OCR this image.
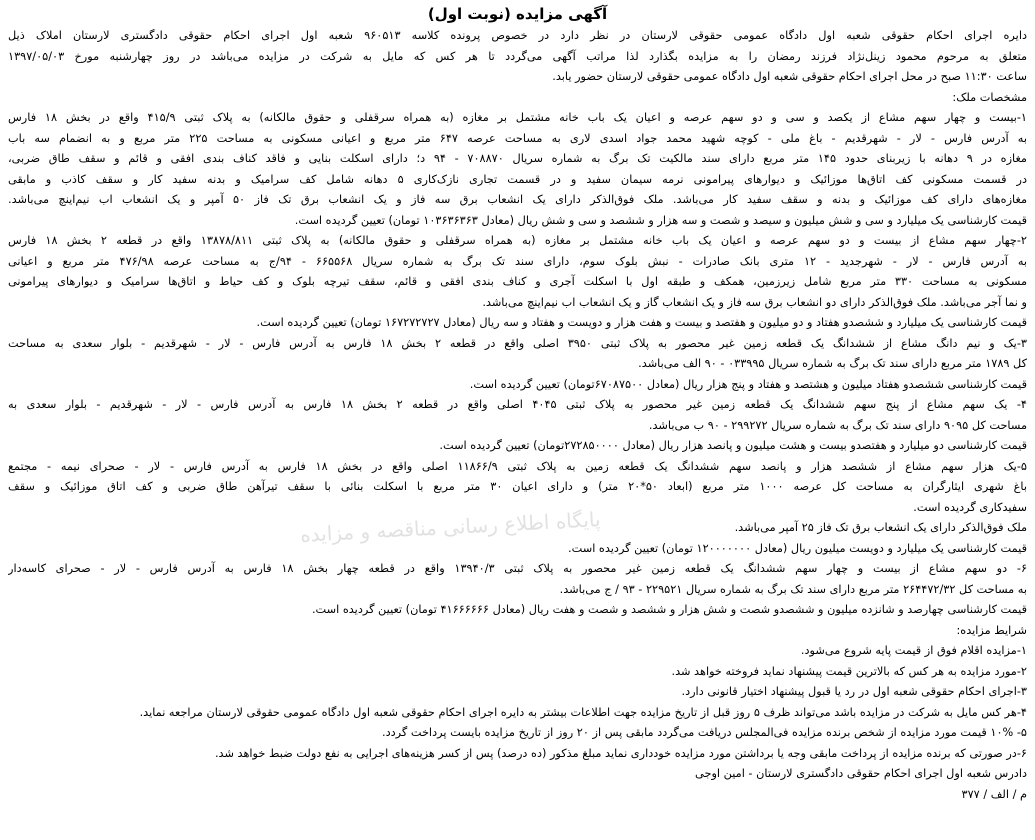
آگهی مزایده (نوبت اول)
دایره اجرای احکام حقوقی شعبه اول دادگاه عمومی حقوقی لارستان در نظر دارد در خصوص پرونده کلاسه ۹۶۰۵۱۳ شعبه اول اجرای احکام حقوقی دادگستری لارستان املاک ذیل
متعلق به مرحوم محمود زینل‌نژاد فرزند رمضان را به مزایده بگذارد لذا مراتب آگهی می‌گردد تا هر کس که مایل به شرکت در مزایده می‌باشد در روز چهارشنبه مورخ ۱۳۹۷/۰۵/۰۳
ساعت ۱۱:۳۰ صبح در محل اجرای احکام حقوقی شعبه اول دادگاه عمومی حقوقی لارستان حضور یابد.
مشخصات ملک:
۱-بیست و چهار سهم مشاع از یکصد و سی و دو سهم عرصه و اعیان یک باب خانه مشتمل بر مغازه (به همراه سرقفلی و حقوق مالکانه) به پلاک ثبتی ۴۱۵/۹ واقع در بخش ۱۸ فارس
به آدرس فارس - لار - شهرقدیم - باغ ملی - کوچه شهید محمد جواد اسدی لاری به مساحت عرصه ۶۴۷ متر مربع و اعیانی مسکونی به مساحت ۲۲۵ متر مربع و به انضمام سه باب
مغازه در ۹ دهانه با زیربنای حدود ۱۴۵ متر مربع دارای سند مالکیت تک برگ به شماره سریال ۷۰۸۸۷۰ - ۹۴ د؛ دارای اسکلت بنایی و فاقد کناف بندی افقی و قائم و سقف طاق ضربی،
در قسمت مسکونی کف اتاق‌ها موزائیک و دیوارهای پیرامونی نرمه سیمان سفید و در قسمت تجاری نازک‌کاری ۵ دهانه شامل کف سرامیک و بدنه سفید کار و سقف کاذب و مابقی
مغازه‌های دارای کف موزائیک و بدنه و سقف سفید کار می‌باشد. ملک فوق‌الذکر دارای یک انشعاب برق سه فاز و یک انشعاب برق تک فاز ۵۰ آمپر و یک انشعاب اب نیم‌اینچ می‌باشد.
قیمت کارشناسی یک میلیارد و سی و شش میلیون و سیصد و شصت و سه هزار و ششصد و سی و شش ریال (معادل ۱۰۳۶۳۶۳۶۳ تومان) تعیین گردیده است.
۲-چهار سهم مشاع از بیست و دو سهم عرصه و اعیان یک باب خانه مشتمل بر مغازه (به همراه سرقفلی و حقوق مالکانه) به پلاک ثبتی ۱۳۸۷۸/۸۱۱ واقع در قطعه ۲ بخش ۱۸ فارس
به آدرس فارس - لار - شهرجدید - ۱۲ متری بانک صادرات - نبش بلوک سوم، دارای سند تک برگ به شماره سریال ۶۶۵۵۶۸ - ۹۴/ج به مساحت عرصه ۴۷۶/۹۸ متر مربع و اعیانی
مسکونی به مساحت ۳۳۰ متر مربع شامل زیرزمین، همکف و طبقه اول با اسکلت آجری و کناف بندی افقی و قائم، سقف تیرچه بلوک و کف حیاط و اتاق‌ها سرامیک و دیوارهای پیرامونی
و نما آجر می‌باشد. ملک فوق‌الذکر دارای دو انشعاب برق سه فاز و یک انشعاب گاز و یک انشعاب اب نیم‌اینچ می‌باشد.
قیمت کارشناسی یک میلیارد و ششصدو هفتاد و دو میلیون و هفتصد و بیست و هفت هزار و دویست و هفتاد و سه ریال (معادل ۱۶۷۲۷۲۷۲۷ تومان) تعیین گردیده است.
۳-یک و نیم دانگ مشاع از ششدانگ یک قطعه زمین غیر محصور به پلاک ثبتی ۳۹۵۰ اصلی واقع در قطعه ۲ بخش ۱۸ فارس به آدرس فارس - لار - شهرقدیم - بلوار سعدی به مساحت
کل ۱۷۸۹ متر مربع دارای سند تک برگ به شماره سریال ۰۳۳۹۹۵ - ۹۰ الف می‌باشد.
قیمت کارشناسی ششصدو هفتاد میلیون و هشتصد و هفتاد و پنج هزار ریال (معادل ۶۷۰۸۷۵۰۰تومان) تعیین گردیده است.
۴- یک سهم مشاع از پنج سهم ششدانگ یک قطعه زمین غیر محصور به پلاک ثبتی ۴۰۴۵ اصلی واقع در قطعه ۲ بخش ۱۸ فارس به آدرس فارس - لار - شهرقدیم - بلوار سعدی به
مساحت کل ۹۰۹۵ دارای سند تک برگ به شماره سریال ۲۹۹۲۷۲ - ۹۰ ب می‌باشد.
قیمت کارشناسی دو میلیارد و هفتصدو بیست و هشت میلیون و پانصد هزار ریال (معادل ۲۷۲۸۵۰۰۰۰تومان) تعیین گردیده است.
۵-یک هزار سهم مشاع از ششصد هزار و پانصد سهم ششدانگ یک قطعه زمین به پلاک ثبتی ۱۱۸۶۶/۹ اصلی واقع در بخش ۱۸ فارس به آدرس فارس - لار - صحرای نیمه - مجتمع
باغ شهری ایثارگران به مساحت کل عرصه ۱۰۰۰ متر مربع (ابعاد ۵۰*۲۰ متر) و دارای اعیان ۳۰ متر مربع با اسکلت بنائی با سقف تیرآهن طاق ضربی و کف اتاق موزائیک و سقف
سفیدکاری گردیده است.
ملک فوق‌الذکر دارای یک انشعاب برق تک فاز ۲۵ آمپر می‌باشد.
قیمت کارشناسی یک میلیارد و دویست میلیون ریال (معادل ۱۲۰۰۰۰۰۰۰ تومان) تعیین گردیده است.
۶- دو سهم مشاع از بیست و چهار سهم ششدانگ یک قطعه زمین غیر محصور به پلاک ثبتی ۱۳۹۴۰/۳ واقع در قطعه چهار بخش ۱۸ فارس به آدرس فارس - لار - صحرای کاسه‌دار
به مساحت کل ۲۶۴۴۷۲/۳۲ متر مربع دارای سند تک برگ به شماره سریال ۲۲۹۵۲۱ - ۹۳ / ج می‌باشد.
قیمت کارشناسی چهارصد و شانزده میلیون و ششصدو شصت و شش هزار و ششصد و شصت و هفت ریال (معادل ۴۱۶۶۶۶۶۶ تومان) تعیین گردیده است.
شرایط مزایده:
۱-مزایده اقلام فوق از قیمت پایه شروع می‌شود.
۲-مورد مزایده به هر کس که بالاترین قیمت پیشنهاد نماید فروخته خواهد شد.
۳-اجرای احکام حقوقی شعبه اول در رد یا قبول پیشنهاد اختیار قانونی دارد.
۴-هر کس مایل به شرکت در مزایده باشد می‌تواند ظرف ۵ روز قبل از تاریخ مزایده جهت اطلاعات بیشتر به دایره اجرای احکام حقوقی شعبه اول دادگاه عمومی حقوقی لارستان مراجعه نماید.
۵- ۱۰% قیمت مورد مزایده از شخص برنده مزایده فی‌المجلس دریافت می‌گردد مابقی پس از ۲۰ روز از تاریخ مزایده بایست پرداخت گردد.
۶-در صورتی که برنده مزایده از پرداخت مابقی وجه یا برداشتن مورد مزایده خودداری نماید مبلغ مذکور (ده درصد) پس از کسر هزینه‌های اجرایی به نفع دولت ضبط خواهد شد.
دادرس شعبه اول اجرای احکام حقوقی دادگستری لارستان - امین اوجی
م / الف / ۳۷۷
پایگاه اطلاع رسانی مناقصه و مزایده
